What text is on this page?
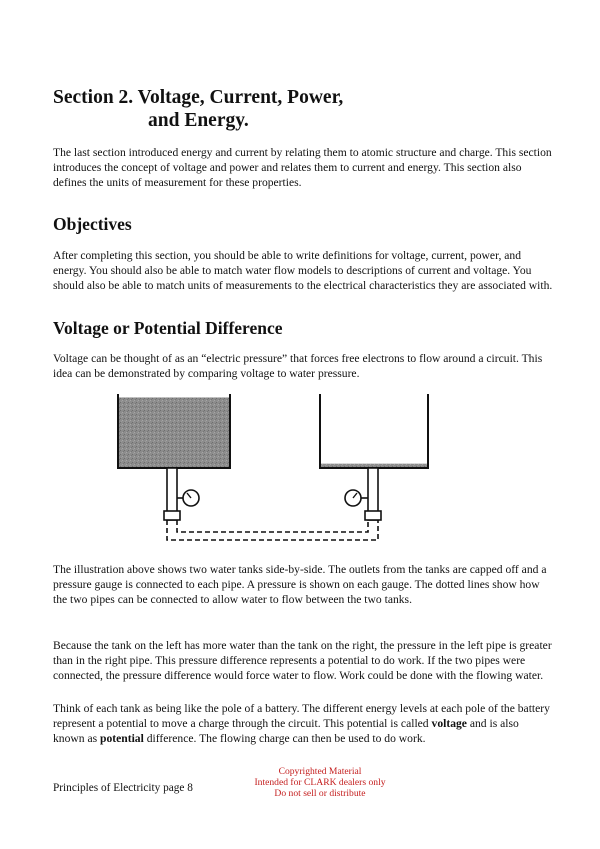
Section 2. Voltage, Current, Power,
and Energy.

The last section introduced energy and current by relating them to atomic structure and charge. This section introduces the concept of voltage and power and relates them to current and energy. This section also defines the units of measurement for these properties.

Objectives

After completing this section, you should be able to write definitions for voltage, current, power, and energy. You should also be able to match water flow models to descriptions of current and voltage. You should also be able to match units of measurements to the electrical characteristics they are associated with.

Voltage or Potential Difference

Voltage can be thought of as an “electric pressure” that forces free electrons to flow around a circuit. This idea can be demonstrated by comparing voltage to water pressure.

The illustration above shows two water tanks side-by-side. The outlets from the tanks are capped off and a pressure gauge is connected to each pipe. A pressure is shown on each gauge. The dotted lines show how the two pipes can be connected to allow water to flow between the two tanks.

Because the tank on the left has more water than the tank on the right, the pressure in the left pipe is greater than in the right pipe. This pressure difference represents a potential to do work. If the two pipes were connected, the pressure difference would force water to flow. Work could be done with the flowing water.

Think of each tank as being like the pole of a battery. The different energy levels at each pole of the battery represent a potential to move a charge through the circuit. This potential is called voltage and is also known as potential difference. The flowing charge can then be used to do work.

Copyrighted Material
Intended for CLARK dealers only
Do not sell or distribute

Principles of Electricity page 8
